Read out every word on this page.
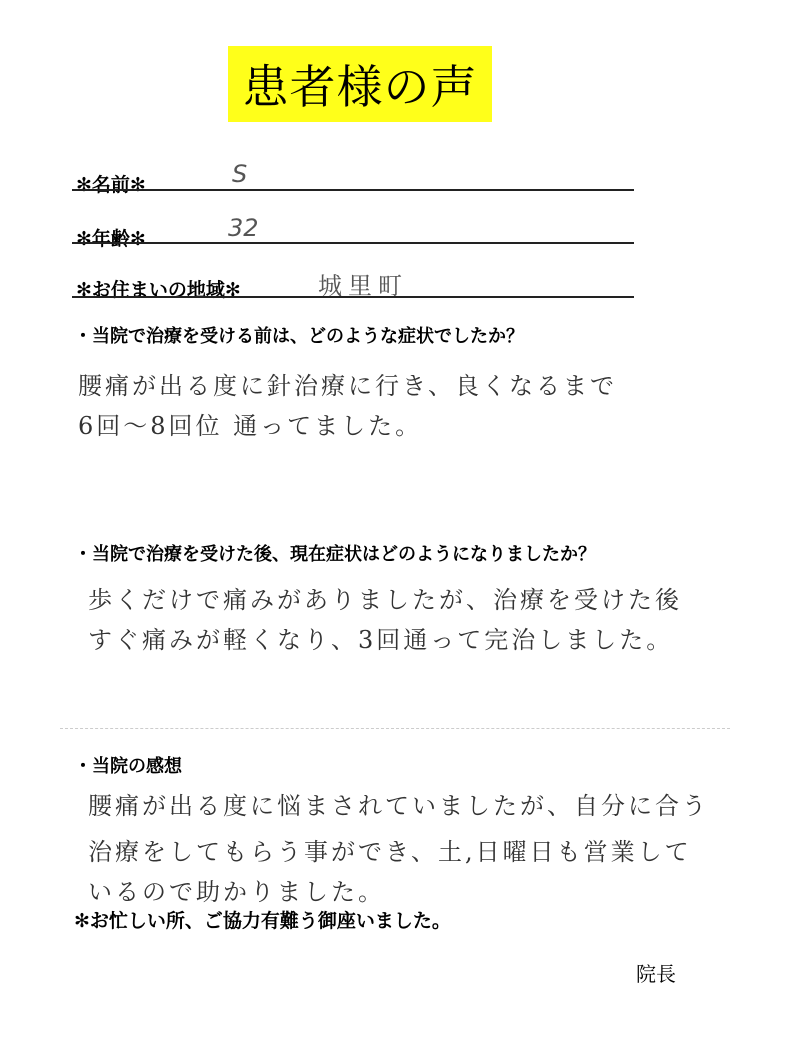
患者様の声
✻名前✻	S
✻年齢✻	32
✻お住まいの地域✻	城里町
・当院で治療を受ける前は、どのような症状でしたか？
腰痛が出る度に針治療に行き、良くなるまで
6回～8回位 通ってました。
・当院で治療を受けた後、現在症状はどのようになりましたか？
歩くだけで痛みがありましたが、治療を受けた後
すぐ痛みが軽くなり、3回通って完治しました。
・当院の感想
腰痛が出る度に悩まされていましたが、自分に合う
治療をしてもらう事ができ、土,日曜日も営業して
いるので助かりました。
✻お忙しい所、ご協力有難う御座いました。
院長
